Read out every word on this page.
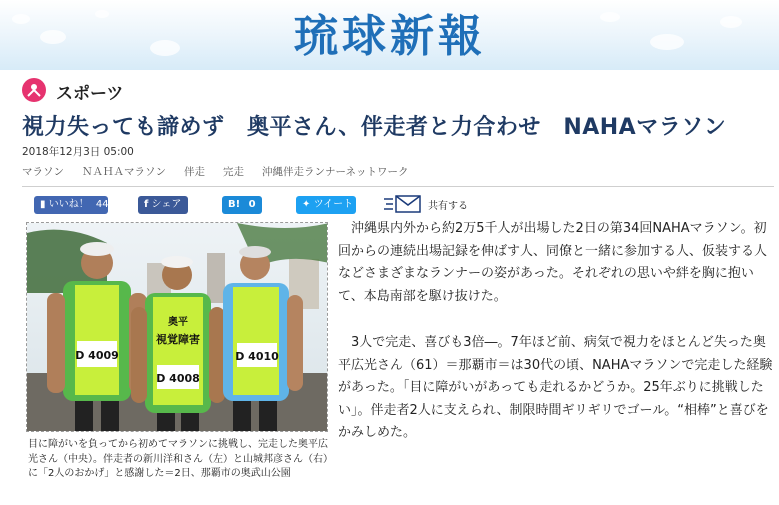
琉球新報
スポーツ
視力失っても諦めず　奥平さん、伴走者と力合わせ　NAHAマラソン
2018年12月3日 05:00
マラソン ＮＡＨＡマラソン 伴走 完走 沖縄伴走ランナーネットワーク
▮ いいね！ 44	f シェア	B! 0	✦ ツイート	共有する
D 4009
奥平
視覚障害
D 4008
D 4010
目に障がいを負ってから初めてマラソンに挑戦し、完走した奥平広光さん（中央）。伴走者の新川洋和さん（左）と山城邦彦さん（右）に「2人のおかげ」と感謝した＝2日、那覇市の奥武山公園

沖縄県内外から約2万5千人が出場した2日の第34回NAHAマラソン。初回からの連続出場記録を伸ばす人、同僚と一緒に参加する人、仮装する人などさまざまなランナーの姿があった。それぞれの思いや絆を胸に抱いて、本島南部を駆け抜けた。

3人で完走、喜びも3倍―。7年ほど前、病気で視力をほとんど失った奥平広光さん（61）＝那覇市＝は30代の頃、NAHAマラソンで完走した経験があった。「目に障がいがあっても走れるかどうか。25年ぶりに挑戦したい」。伴走者2人に支えられ、制限時間ギリギリでゴール。“相棒”と喜びをかみしめた。
